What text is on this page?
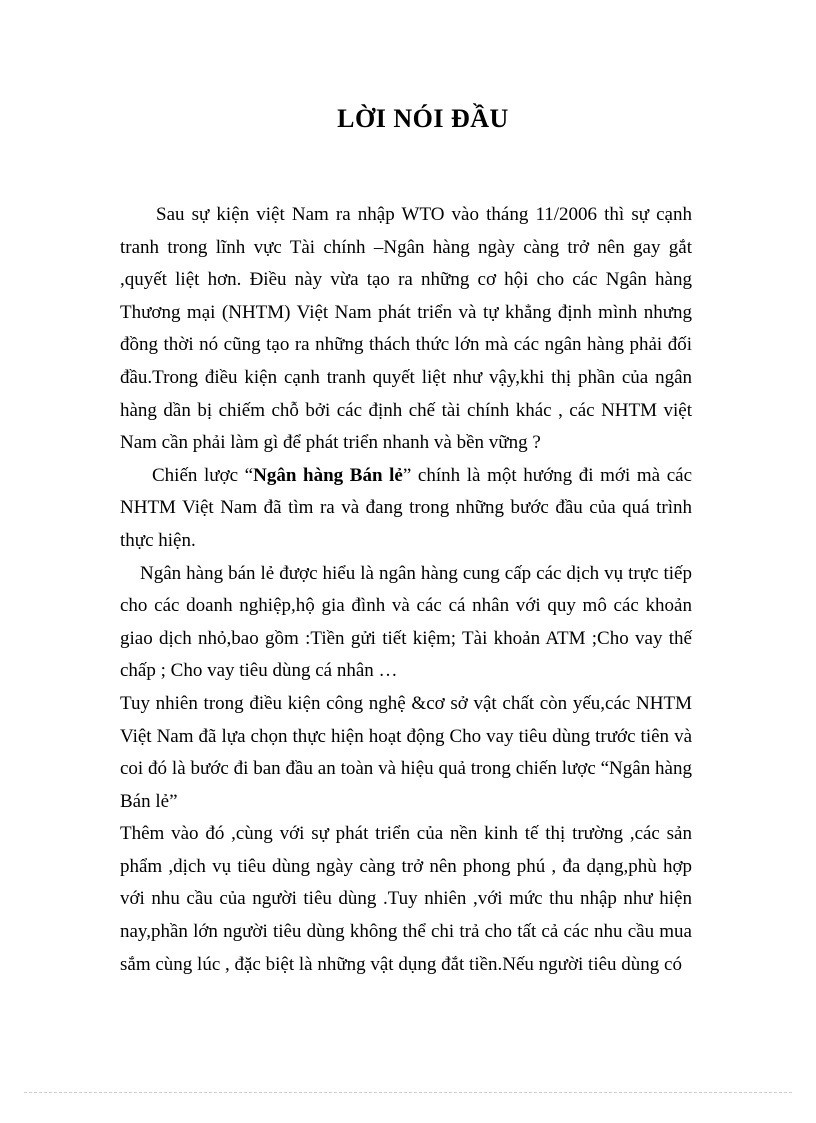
LỜI NÓI ĐẦU

Sau sự kiện việt Nam ra nhập WTO vào tháng 11/2006 thì sự cạnh tranh trong lĩnh vực Tài chính –Ngân hàng ngày càng trở nên gay gắt ,quyết liệt hơn. Điều này vừa tạo ra những cơ hội cho các Ngân hàng Thương mại (NHTM) Việt Nam phát triển và tự khẳng định mình nhưng đồng thời nó cũng tạo ra những thách thức lớn mà các ngân hàng phải đối đầu.Trong điều kiện cạnh tranh quyết liệt như vậy,khi thị phần của ngân hàng dần bị chiếm chỗ bởi các định chế tài chính khác , các NHTM việt Nam cần phải làm gì để phát triển nhanh và bền vững ?

Chiến lược “Ngân hàng Bán lẻ” chính là một hướng đi mới mà các NHTM Việt Nam đã tìm ra và đang trong những bước đầu của quá trình thực hiện.

Ngân hàng bán lẻ được hiểu là ngân hàng cung cấp các dịch vụ trực tiếp cho các doanh nghiệp,hộ gia đình và các cá nhân với quy mô các khoản giao dịch nhỏ,bao gồm :Tiền gửi tiết kiệm; Tài khoản ATM ;Cho vay thế chấp ; Cho vay tiêu dùng cá nhân …

Tuy nhiên trong điều kiện công nghệ &cơ sở vật chất còn yếu,các NHTM Việt Nam đã lựa chọn thực hiện hoạt động Cho vay tiêu dùng trước tiên và coi đó là bước đi ban đầu an toàn và hiệu quả trong chiến lược “Ngân hàng Bán lẻ”

Thêm vào đó ,cùng với sự phát triển của nền kinh tế thị trường ,các sản phẩm ,dịch vụ tiêu dùng ngày càng trở nên phong phú , đa dạng,phù hợp với nhu cầu của người tiêu dùng .Tuy nhiên ,với mức thu nhập như hiện nay,phần lớn người tiêu dùng không thể chi trả cho tất cả các nhu cầu mua sắm cùng lúc , đặc biệt là những vật dụng đắt tiền.Nếu người tiêu dùng có
